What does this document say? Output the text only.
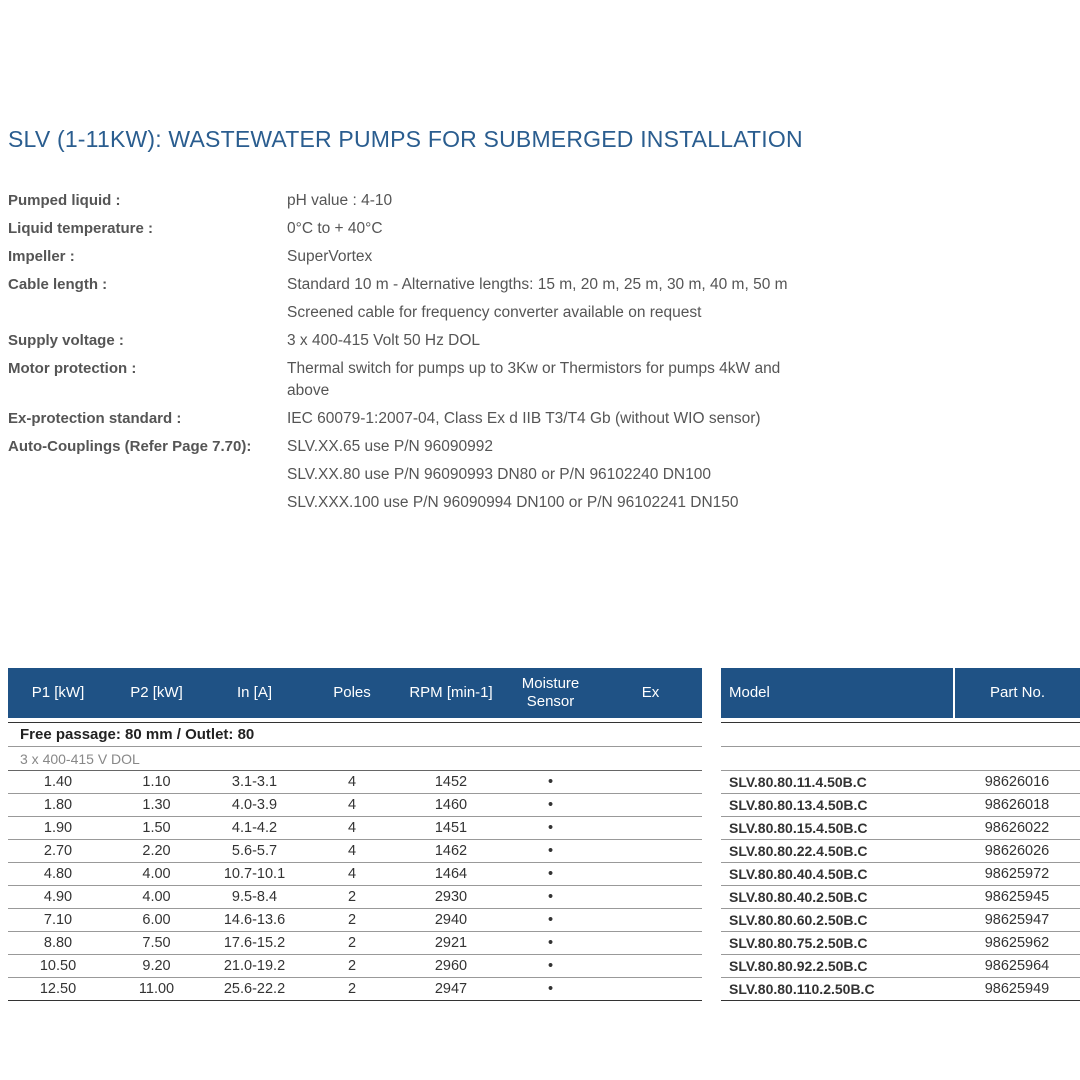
SLV (1-11KW): WASTEWATER PUMPS FOR SUBMERGED INSTALLATION
Pumped liquid :	pH value : 4-10
Liquid temperature :	0°C to + 40°C
Impeller :	SuperVortex
Cable length :	Standard 10 m - Alternative lengths: 15 m, 20 m, 25 m, 30 m, 40 m, 50 m
Screened cable for frequency converter available on request
Supply voltage :	3 x 400-415 Volt 50 Hz DOL
Motor protection :	Thermal switch for pumps up to 3Kw or Thermistors for pumps 4kW and above
Ex-protection standard :	IEC 60079-1:2007-04, Class Ex d IIB T3/T4 Gb (without WIO sensor)
Auto-Couplings (Refer Page 7.70):	SLV.XX.65 use P/N 96090992
SLV.XX.80 use P/N 96090993 DN80 or P/N 96102240 DN100
SLV.XXX.100 use P/N 96090994 DN100 or P/N 96102241 DN150
P1 [kW]	P2 [kW]	In [A]	Poles	RPM [min-1]	Moisture Sensor	Ex

Free passage: 80 mm / Outlet: 80						
3 x 400-415 V DOL						
1.40	1.10	3.1-3.1	4	1452	•	
1.80	1.30	4.0-3.9	4	1460	•	
1.90	1.50	4.1-4.2	4	1451	•	
2.70	2.20	5.6-5.7	4	1462	•	
4.80	4.00	10.7-10.1	4	1464	•	
4.90	4.00	9.5-8.4	2	2930	•	
7.10	6.00	14.6-13.6	2	2940	•	
8.80	7.50	17.6-15.2	2	2921	•	
10.50	9.20	21.0-19.2	2	2960	•	
12.50	11.00	25.6-22.2	2	2947	•	
Model	Part No.

SLV.80.80.11.4.50B.C	98626016
SLV.80.80.13.4.50B.C	98626018
SLV.80.80.15.4.50B.C	98626022
SLV.80.80.22.4.50B.C	98626026
SLV.80.80.40.4.50B.C	98625972
SLV.80.80.40.2.50B.C	98625945
SLV.80.80.60.2.50B.C	98625947
SLV.80.80.75.2.50B.C	98625962
SLV.80.80.92.2.50B.C	98625964
SLV.80.80.110.2.50B.C	98625949
